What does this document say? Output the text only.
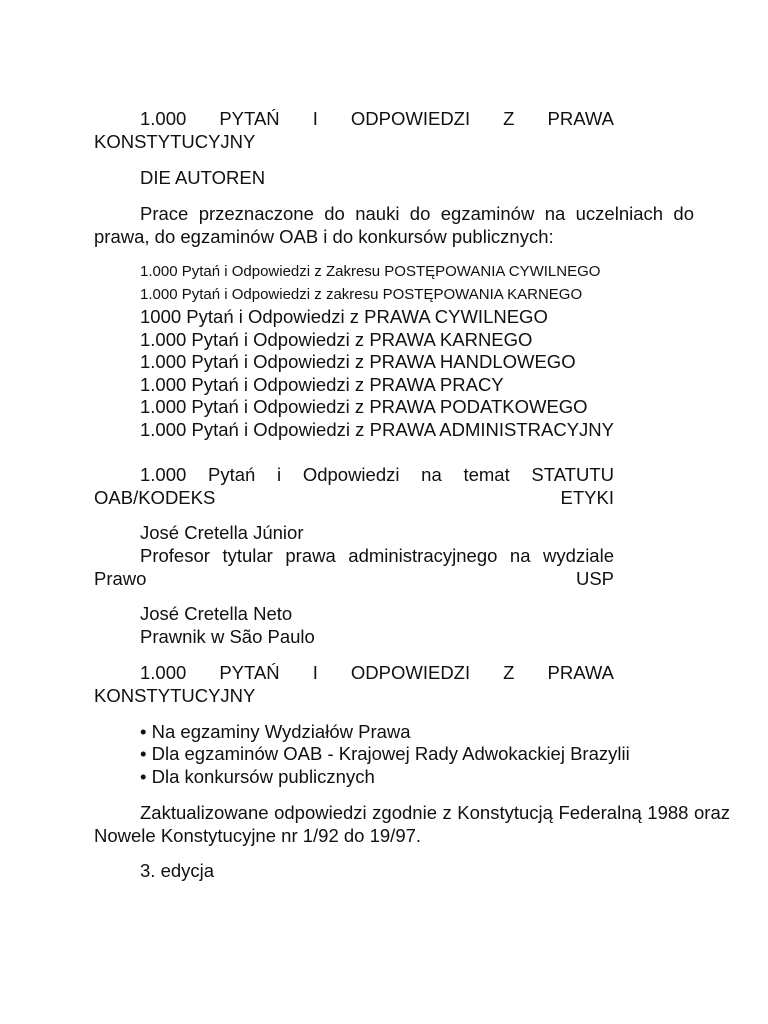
1.000 PYTAŃ I ODPOWIEDZI Z PRAWA KONSTYTUCYJNY

DIE AUTOREN

Prace przeznaczone do nauki do egzaminów na uczelniach do prawa, do egzaminów OAB i do konkursów publicznych:

1.000 Pytań i Odpowiedzi z Zakresu POSTĘPOWANIA CYWILNEGO
1.000 Pytań i Odpowiedzi z zakresu POSTĘPOWANIA KARNEGO
1000 Pytań i Odpowiedzi z PRAWA CYWILNEGO
1.000 Pytań i Odpowiedzi z PRAWA KARNEGO
1.000 Pytań i Odpowiedzi z PRAWA HANDLOWEGO
1.000 Pytań i Odpowiedzi z PRAWA PRACY
1.000 Pytań i Odpowiedzi z PRAWA PODATKOWEGO

1.000 Pytań i Odpowiedzi z PRAWA ADMINISTRACYJNY

1.000 Pytań i Odpowiedzi na temat STATUTU OAB/KODEKS ETYKI

José Cretella Júnior

Profesor tytular prawa administracyjnego na wydziale Prawo USP

José Cretella Neto
Prawnik w São Paulo

1.000 PYTAŃ I ODPOWIEDZI Z PRAWA KONSTYTUCYJNY

• Na egzaminy Wydziałów Prawa
• Dla egzaminów OAB - Krajowej Rady Adwokackiej Brazylii
• Dla konkursów publicznych

Zaktualizowane odpowiedzi zgodnie z Konstytucją Federalną 1988 oraz Nowele Konstytucyjne nr 1/92 do 19/97.

3. edycja
